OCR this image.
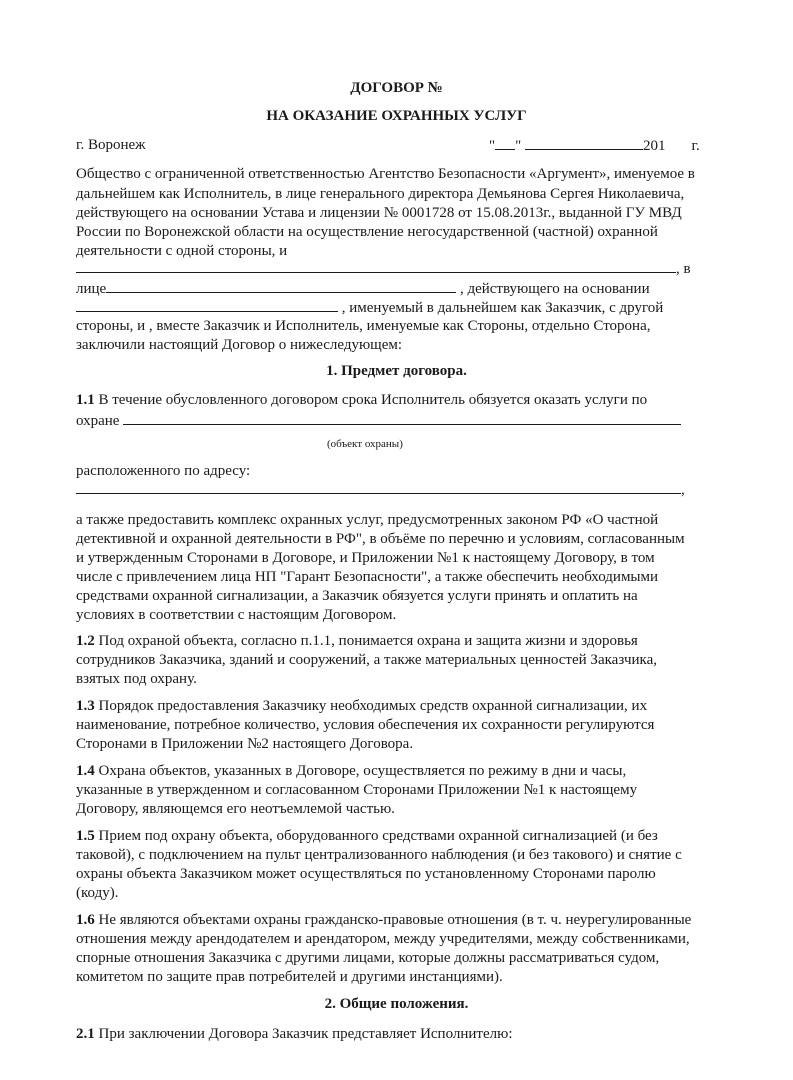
ДОГОВОР №
НА ОКАЗАНИЕ ОХРАННЫХ УСЛУГ
г. Воронеж	" "	201 г.
Общество с ограниченной ответственностью Агентство Безопасности «Аргумент», именуемое в
дальнейшем как Исполнитель, в лице генерального директора Демьянова Сергея Николаевича,
действующего на основании Устава и лицензии № 0001728 от 15.08.2013г., выданной ГУ МВД
России по Воронежской области на осуществление негосударственной (частной) охранной
деятельности с одной стороны, и
, в
лице	, действующего на основании
, именуемый в дальнейшем как Заказчик, с другой
стороны, и , вместе Заказчик и Исполнитель, именуемые как Стороны, отдельно Сторона,
заключили настоящий Договор о нижеследующем:
1. Предмет договора.
1.1 В течение обусловленного договором срока Исполнитель обязуется оказать услуги по
охране
(объект охраны)
расположенного по адресу:
,
а также предоставить комплекс охранных услуг, предусмотренных законом РФ «О частной
детективной и охранной деятельности в РФ", в объёме по перечню и условиям, согласованным
и утвержденным Сторонами в Договоре, и Приложении №1 к настоящему Договору, в том
числе с привлечением лица НП "Гарант Безопасности", а также обеспечить необходимыми
средствами охранной сигнализации, а Заказчик обязуется услуги принять и оплатить на
условиях в соответствии с настоящим Договором.
1.2 Под охраной объекта, согласно п.1.1, понимается охрана и защита жизни и здоровья
сотрудников Заказчика, зданий и сооружений, а также материальных ценностей Заказчика,
взятых под охрану.
1.3 Порядок предоставления Заказчику необходимых средств охранной сигнализации, их
наименование, потребное количество, условия обеспечения их сохранности регулируются
Сторонами в Приложении №2 настоящего Договора.
1.4 Охрана объектов, указанных в Договоре, осуществляется по режиму в дни и часы,
указанные в утвержденном и согласованном Сторонами Приложении №1 к настоящему
Договору, являющемся его неотъемлемой частью.
1.5 Прием под охрану объекта, оборудованного средствами охранной сигнализацией (и без
таковой), с подключением на пульт централизованного наблюдения (и без такового) и снятие с
охраны объекта Заказчиком может осуществляться по установленному Сторонами паролю
(коду).
1.6 Не являются объектами охраны гражданско-правовые отношения (в т. ч. неурегулированные
отношения между арендодателем и арендатором, между учредителями, между собственниками,
спорные отношения Заказчика с другими лицами, которые должны рассматриваться судом,
комитетом по защите прав потребителей и другими инстанциями).
2. Общие положения.
2.1 При заключении Договора Заказчик представляет Исполнителю:
